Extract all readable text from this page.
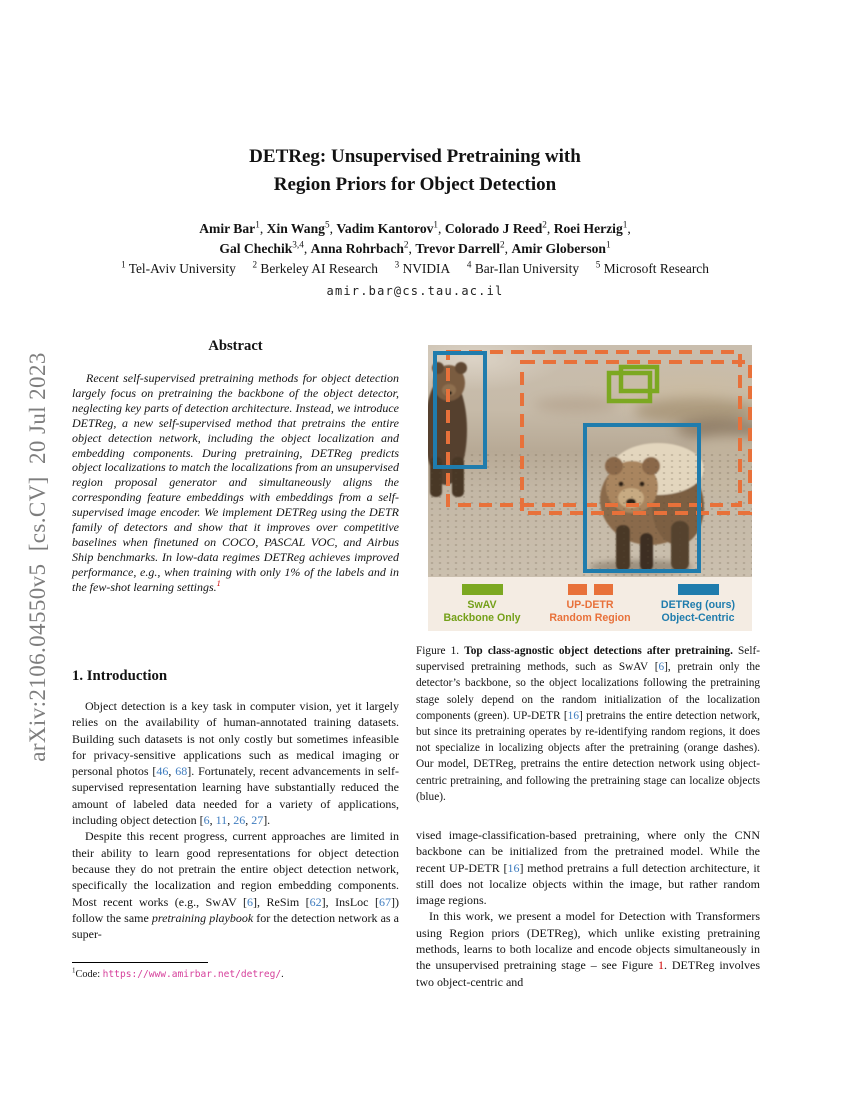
arXiv:2106.04550v5  [cs.CV]  20 Jul 2023
DETReg: Unsupervised Pretraining with
Region Priors for Object Detection
Amir Bar$^1$, Xin Wang$^5$, Vadim Kantorov$^1$, Colorado J Reed$^2$, Roei Herzig$^1$,
Gal Chechik$^{3,4}$, Anna Rohrbach$^2$, Trevor Darrell$^2$, Amir Globerson$^1$
$^1$ Tel-Aviv University  $^2$ Berkeley AI Research  $^3$ NVIDIA  $^4$ Bar-Ilan University  $^5$ Microsoft Research
amir.bar@cs.tau.ac.il
Abstract

Recent self-supervised pretraining methods for object detection largely focus on pretraining the backbone of the object detector, neglecting key parts of detection architecture. Instead, we introduce DETReg, a new self-supervised method that pretrains the entire object detection network, including the object localization and embedding components. During pretraining, DETReg predicts object localizations to match the localizations from an unsupervised region proposal generator and simultaneously aligns the corresponding feature embeddings with embeddings from a self-supervised image encoder. We implement DETReg using the DETR family of detectors and show that it improves over competitive baselines when finetuned on COCO, PASCAL VOC, and Airbus Ship benchmarks. In low-data regimes DETReg achieves improved performance, e.g., when training with only 1% of the labels and in the few-shot learning settings.$^1$

1. Introduction

Object detection is a key task in computer vision, yet it largely relies on the availability of human-annotated training datasets. Building such datasets is not only costly but sometimes infeasible for privacy-sensitive applications such as medical imaging or personal photos [46, 68]. Fortunately, recent advancements in self-supervised representation learning have substantially reduced the amount of labeled data needed for a variety of applications, including object detection [6, 11, 26, 27].

Despite this recent progress, current approaches are limited in their ability to learn good representations for object detection because they do not pretrain the entire object detection network, specifically the localization and region embedding components. Most recent works (e.g., SwAV [6], ReSim [62], InsLoc [67]) follow the same pretraining playbook for the detection network as a super-

$^1$Code: https://www.amirbar.net/detreg/.
SwAV
Backbone Only
UP-DETR
Random Region
DETReg (ours)
Object-Centric
Figure 1. Top class-agnostic object detections after pretraining. Self-supervised pretraining methods, such as SwAV [6], pretrain only the detector’s backbone, so the object localizations following the pretraining stage solely depend on the random initialization of the localization components (green). UP-DETR [16] pretrains the entire detection network, but since its pretraining operates by re-identifying random regions, it does not specialize in localizing objects after the pretraining (orange dashes). Our model, DETReg, pretrains the entire detection network using object-centric pretraining, and following the pretraining stage can localize objects (blue).

vised image-classification-based pretraining, where only the CNN backbone can be initialized from the pretrained model. While the recent UP-DETR [16] method pretrains a full detection architecture, it still does not localize objects within the image, but rather random image regions.

In this work, we present a model for Detection with Transformers using Region priors (DETReg), which unlike existing pretraining methods, learns to both localize and encode objects simultaneously in the unsupervised pretraining stage – see Figure 1. DETReg involves two object-centric and
